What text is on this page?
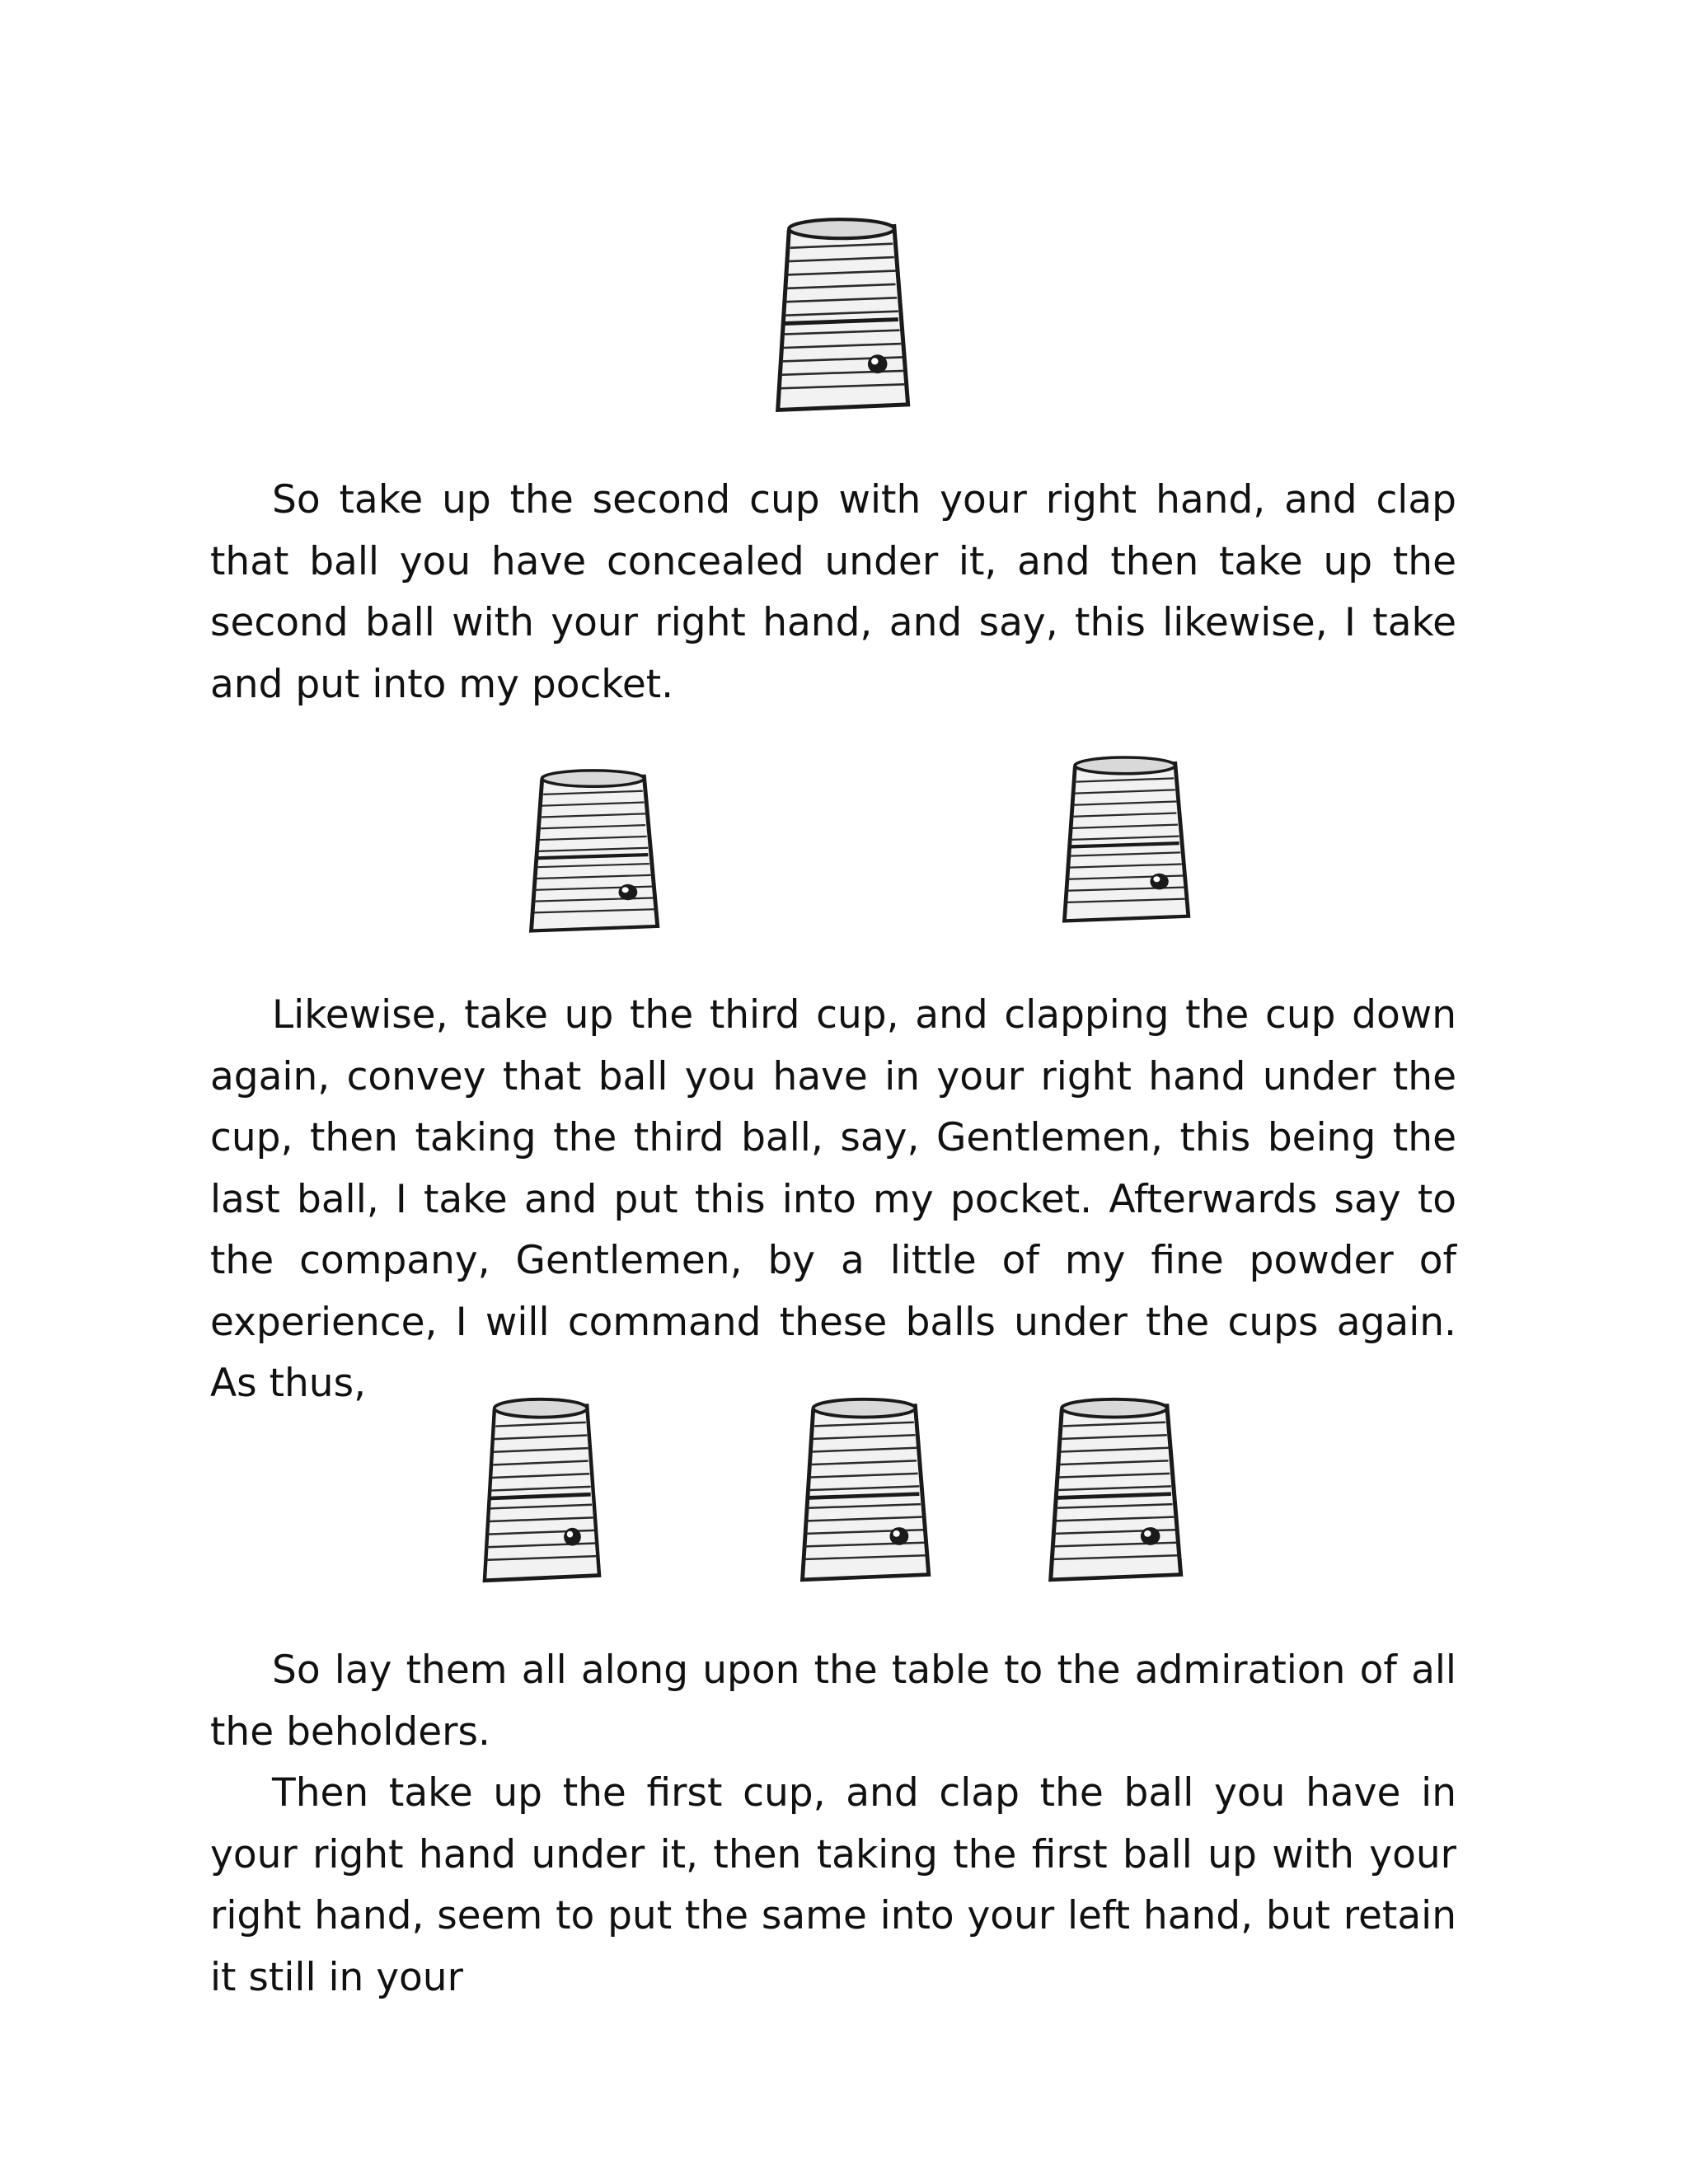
So take up the second cup with your right hand, and clap that ball you have concealed under it, and then take up the second ball with your right hand, and say, this likewise, I take and put into my pocket.

Likewise, take up the third cup, and clapping the cup down again, convey that ball you have in your right hand under the cup, then taking the third ball, say, Gentlemen, this being the last ball, I take and put this into my pocket. Afterwards say to the company, Gentlemen, by a little of my fine powder of experience, I will command these balls under the cups again. As thus,

So lay them all along upon the table to the admiration of all the beholders.

Then take up the first cup, and clap the ball you have in your right hand under it, then taking the first ball up with your right hand, seem to put the same into your left hand, but retain it still in your
